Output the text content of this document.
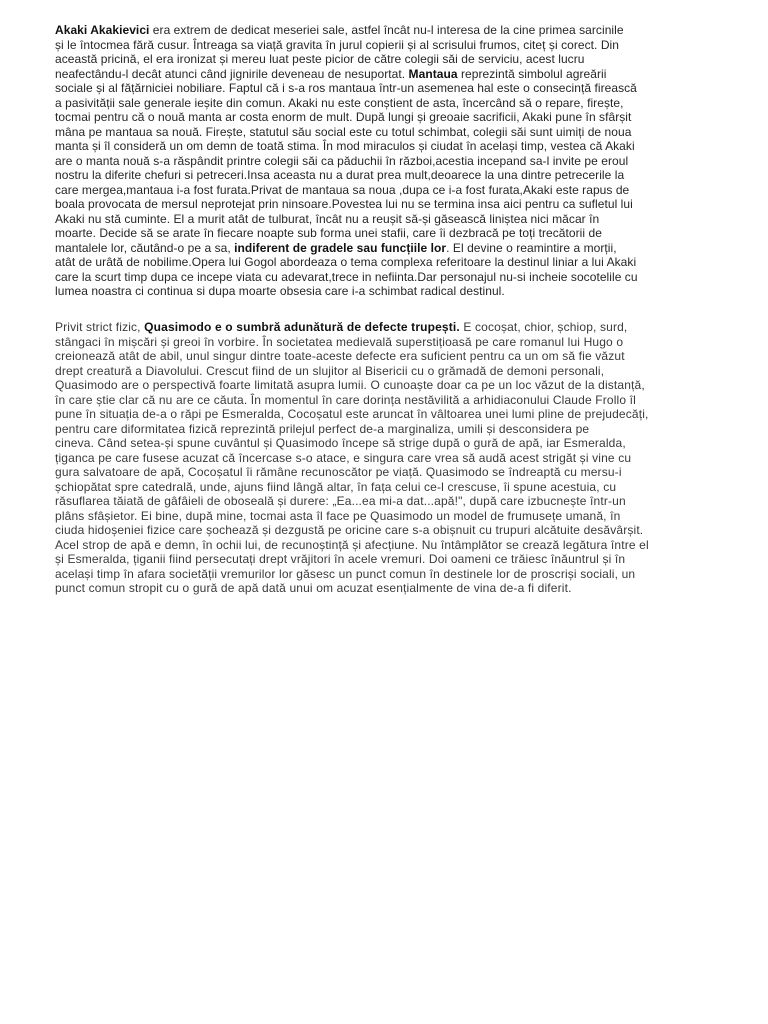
Akaki Akakievici era extrem de dedicat meseriei sale, astfel încât nu-l interesa de la cine primea sarcinile
și le întocmea fără cusur. Întreaga sa viață gravita în jurul copierii și al scrisului frumos, citeț și corect. Din
această pricină, el era ironizat și mereu luat peste picior de către colegii săi de serviciu, acest lucru
neafectându-l decât atunci când jignirile deveneau de nesuportat. Mantaua reprezintă simbolul agreării
sociale și al fățărniciei nobiliare. Faptul că i s-a ros mantaua într-un asemenea hal este o consecință firească
a pasivității sale generale ieșite din comun. Akaki nu este conștient de asta, încercând să o repare, firește,
tocmai pentru că o nouă manta ar costa enorm de mult. După lungi și greoaie sacrificii, Akaki pune în sfârșit
mâna pe mantaua sa nouă. Firește, statutul său social este cu totul schimbat, colegii săi sunt uimiți de noua
manta și îl consideră un om demn de toată stima. În mod miraculos și ciudat în același timp, vestea că Akaki
are o manta nouă s-a răspândit printre colegii săi ca păduchii în război,acestia incepand sa-l invite pe eroul
nostru la diferite chefuri si petreceri.Insa aceasta nu a durat prea mult,deoarece la una dintre petrecerile la
care mergea,mantaua i-a fost furata.Privat de mantaua sa noua ,dupa ce i-a fost furata,Akaki este rapus de
boala provocata de mersul neprotejat prin ninsoare.Povestea lui nu se termina insa aici pentru ca sufletul lui
Akaki nu stă cuminte. El a murit atât de tulburat, încât nu a reușit să-și găsească liniștea nici măcar în
moarte. Decide să se arate în fiecare noapte sub forma unei stafii, care îi dezbracă pe toți trecătorii de
mantalele lor, căutând-o pe a sa, indiferent de gradele sau funcțiile lor. El devine o reamintire a morții,
atât de urâtă de nobilime.Opera lui Gogol abordeaza o tema complexa referitoare la destinul liniar a lui Akaki
care la scurt timp dupa ce incepe viata cu adevarat,trece in nefiinta.Dar personajul nu-si incheie socotelile cu
lumea noastra ci continua si dupa moarte obsesia care i-a schimbat radical destinul.
Privit strict fizic, Quasimodo e o sumbră adunătură de defecte trupești. E cocoșat, chior, șchiop, surd,
stângaci în mișcări și greoi în vorbire. În societatea medievală superstițioasă pe care romanul lui Hugo o
creionează atât de abil, unul singur dintre toate-aceste defecte era suficient pentru ca un om să fie văzut
drept creatură a Diavolului. Crescut fiind de un slujitor al Bisericii cu o grămadă de demoni personali,
Quasimodo are o perspectivă foarte limitată asupra lumii. O cunoaște doar ca pe un loc văzut de la distanță,
în care știe clar că nu are ce căuta. În momentul în care dorința nestăvilită a arhidiaconului Claude Frollo îl
pune în situația de-a o răpi pe Esmeralda, Cocoșatul este aruncat în vâltoarea unei lumi pline de prejudecăți,
pentru care diformitatea fizică reprezintă prilejul perfect de-a marginaliza, umili și desconsidera pe
cineva. Când setea-și spune cuvântul și Quasimodo începe să strige după o gură de apă, iar Esmeralda,
țiganca pe care fusese acuzat că încercase s-o atace, e singura care vrea să audă acest strigăt și vine cu
gura salvatoare de apă, Cocoșatul îi rămâne recunoscător pe viață. Quasimodo se îndreaptă cu mersu-i
șchiopătat spre catedrală, unde, ajuns fiind lângă altar, în fața celui ce-l crescuse, îi spune acestuia, cu
răsuflarea tăiată de gâfâieli de oboseală și durere: „Ea...ea mi-a dat...apă!", după care izbucnește într-un
plâns sfâșietor. Ei bine, după mine, tocmai asta îl face pe Quasimodo un model de frumusețe umană, în
ciuda hidoșeniei fizice care șochează și dezgustă pe oricine care s-a obișnuit cu trupuri alcătuite desăvârșit.
Acel strop de apă e demn, în ochii lui, de recunoștință și afecțiune. Nu întâmplător se crează legătura între el
și Esmeralda, țiganii fiind persecutați drept vrăjitori în acele vremuri. Doi oameni ce trăiesc înăuntrul și în
același timp în afara societății vremurilor lor găsesc un punct comun în destinele lor de proscriși sociali, un
punct comun stropit cu o gură de apă dată unui om acuzat esențialmente de vina de-a fi diferit.
